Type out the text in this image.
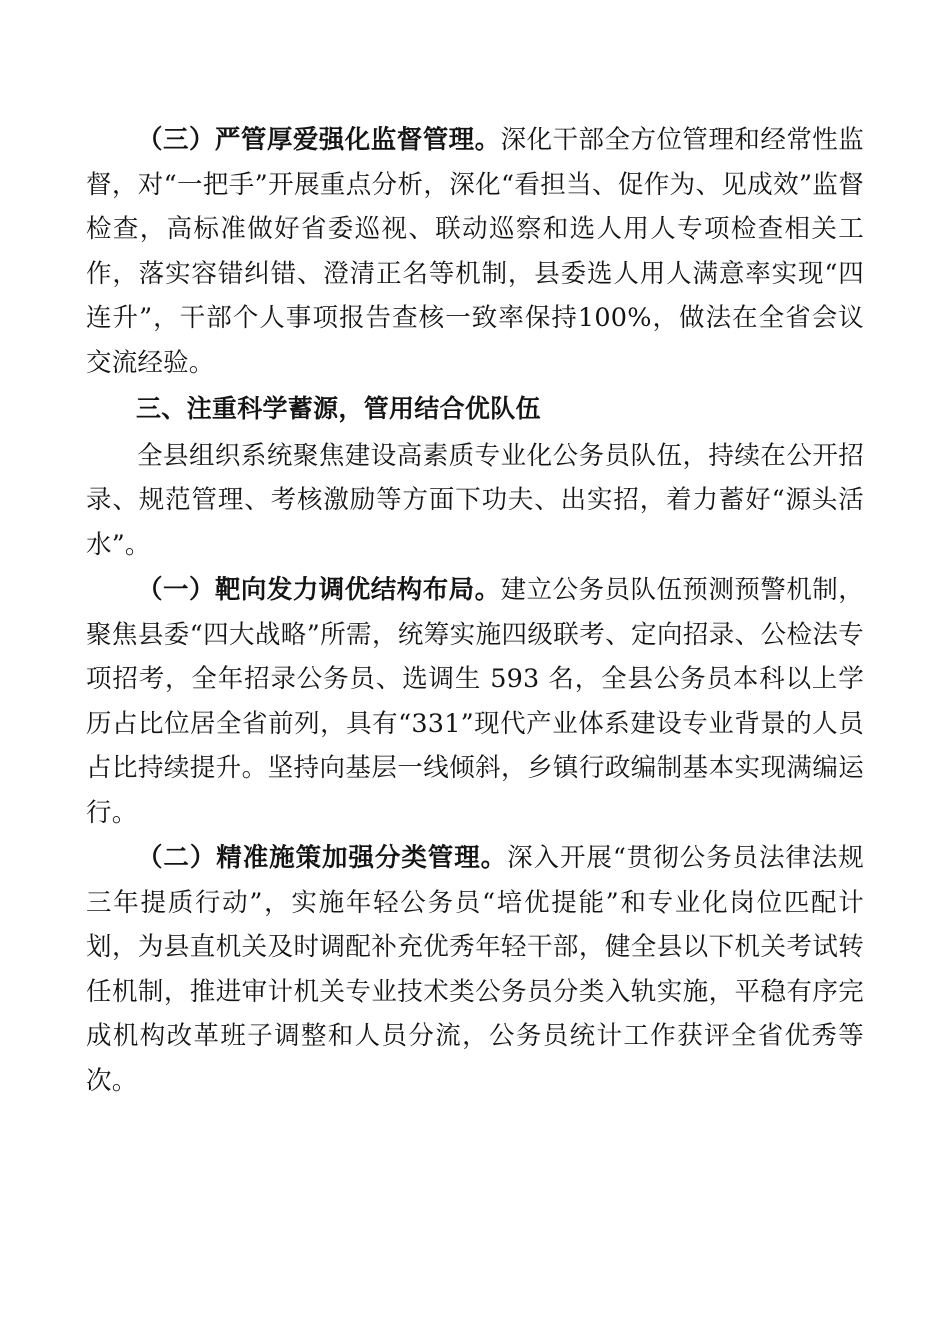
（三）严管厚爱强化监督管理。深化干部全方位管理和经常性监督，对“一把手”开展重点分析，深化“看担当、促作为、见成效”监督检查，高标准做好省委巡视、联动巡察和选人用人专项检查相关工作，落实容错纠错、澄清正名等机制，县委选人用人满意率实现“四连升”，干部个人事项报告查核一致率保持100%，做法在全省会议交流经验。

三、注重科学蓄源，管用结合优队伍

全县组织系统聚焦建设高素质专业化公务员队伍，持续在公开招录、规范管理、考核激励等方面下功夫、出实招，着力蓄好“源头活水”。

（一）靶向发力调优结构布局。建立公务员队伍预测预警机制，聚焦县委“四大战略”所需，统筹实施四级联考、定向招录、公检法专项招考，全年招录公务员、选调生 593 名，全县公务员本科以上学历占比位居全省前列，具有“331”现代产业体系建设专业背景的人员占比持续提升。坚持向基层一线倾斜，乡镇行政编制基本实现满编运行。

（二）精准施策加强分类管理。深入开展“贯彻公务员法律法规三年提质行动”，实施年轻公务员“培优提能”和专业化岗位匹配计划，为县直机关及时调配补充优秀年轻干部，健全县以下机关考试转任机制，推进审计机关专业技术类公务员分类入轨实施，平稳有序完成机构改革班子调整和人员分流，公务员统计工作获评全省优秀等次。
